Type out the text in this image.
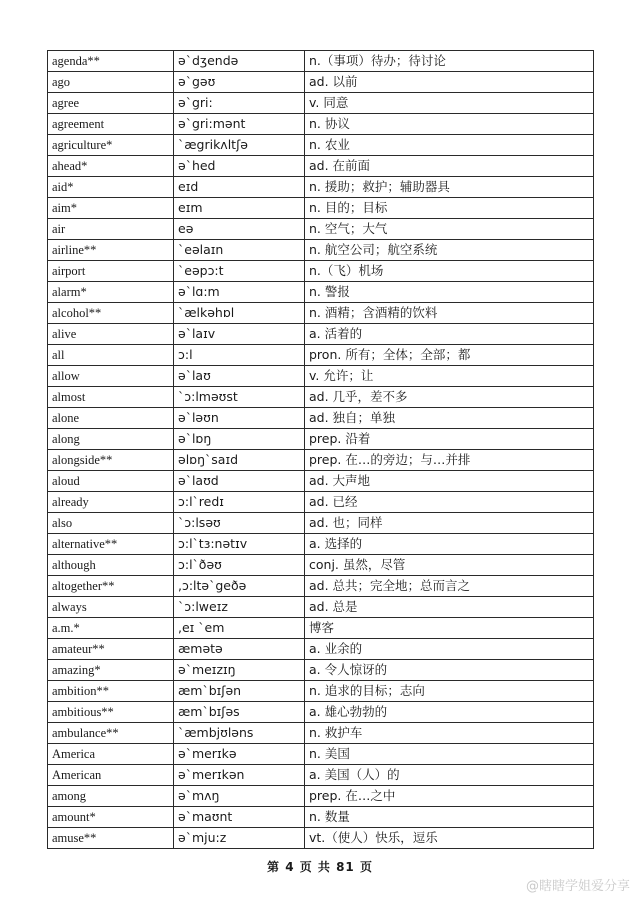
agenda**	ə`dʒendə	n.（事项）待办；待讨论
ago	ə`gəʊ	ad. 以前
agree	ə`gri:	v. 同意
agreement	ə`gri:mənt	n. 协议
agriculture*	`ægrikʌltʃə	n. 农业
ahead*	ə`hed	ad. 在前面
aid*	eɪd	n. 援助；救护；辅助器具
aim*	eɪm	n. 目的；目标
air	eə	n. 空气；大气
airline**	`eəlaɪn	n. 航空公司；航空系统
airport	`eəpɔ:t	n.（飞）机场
alarm*	ə`lɑ:m	n. 警报
alcohol**	`ælkəhɒl	n. 酒精；含酒精的饮料
alive	ə`laɪv	a. 活着的
all	ɔ:l	pron. 所有；全体；全部；都
allow	ə`laʊ	v. 允许；让
almost	`ɔ:lməʊst	ad. 几乎，差不多
alone	ə`ləʊn	ad. 独自；单独
along	ə`lɒŋ	prep. 沿着
alongside**	əlɒŋ`saɪd	prep. 在…的旁边；与…并排
aloud	ə`laʊd	ad. 大声地
already	ɔ:l`redɪ	ad. 已经
also	`ɔ:lsəʊ	ad. 也；同样
alternative**	ɔ:l`tɜ:nətɪv	a. 选择的
although	ɔ:l`ðəʊ	conj. 虽然，尽管
altogether**	,ɔ:ltə`geðə	ad. 总共；完全地；总而言之
always	`ɔ:lweɪz	ad. 总是
a.m.*	,eɪ `em	博客
amateur**	æmətə	a. 业余的
amazing*	ə`meɪzɪŋ	a. 令人惊讶的
ambition**	æm`bɪʃən	n. 追求的目标；志向
ambitious**	æm`bɪʃəs	a. 雄心勃勃的
ambulance**	`æmbjʊləns	n. 救护车
America	ə`merɪkə	n. 美国
American	ə`merɪkən	a. 美国（人）的
among	ə`mʌŋ	prep. 在…之中
amount*	ə`maʊnt	n. 数量
amuse**	ə`mju:z	vt.（使人）快乐，逗乐
第 4 页 共 81 页
@瞎瞎学姐爱分享
